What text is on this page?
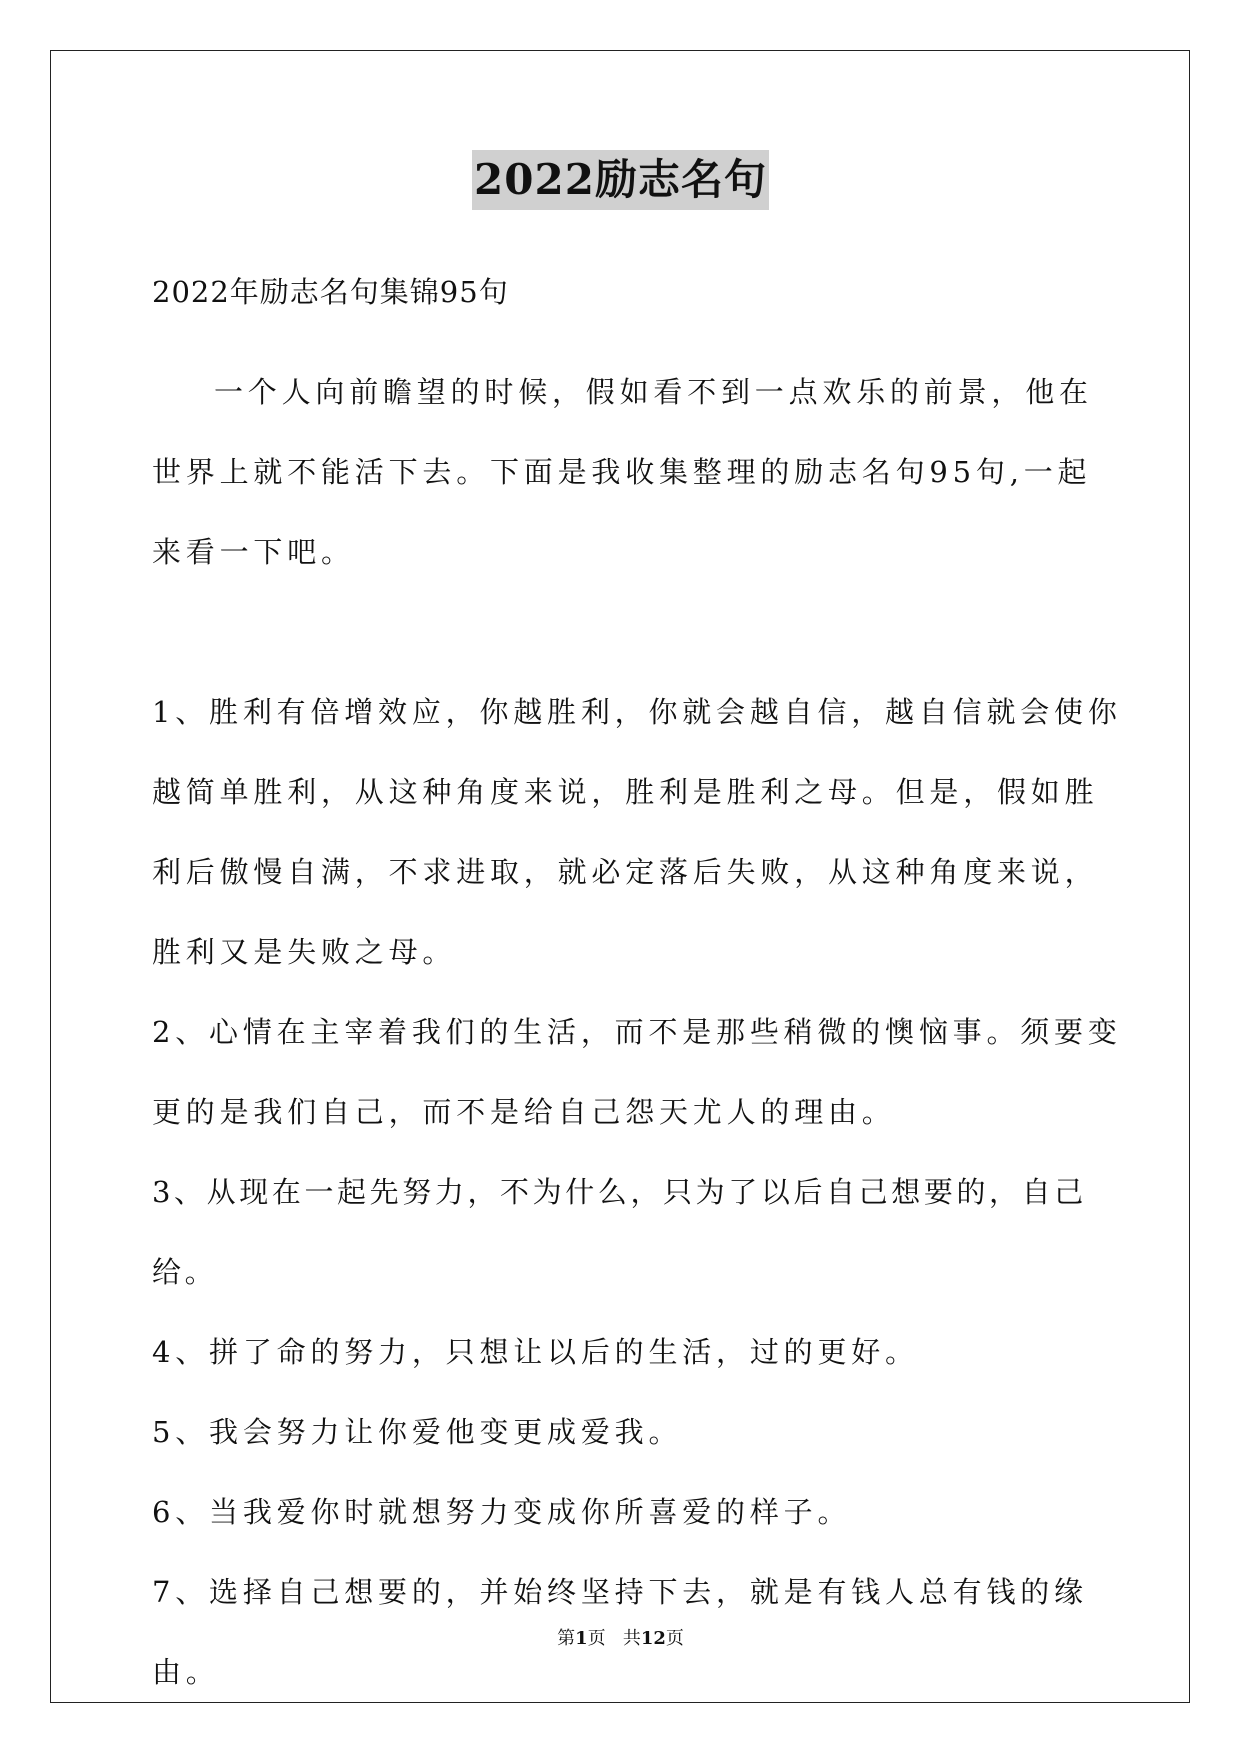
2022励志名句

2022年励志名句集锦95句

一个人向前瞻望的时候，假如看不到一点欢乐的前景，他在世界上就不能活下去。下面是我收集整理的励志名句95句,一起来看一下吧。

1、胜利有倍增效应，你越胜利，你就会越自信，越自信就会使你越简单胜利，从这种角度来说，胜利是胜利之母。但是，假如胜利后傲慢自满，不求进取，就必定落后失败，从这种角度来说，胜利又是失败之母。

2、心情在主宰着我们的生活，而不是那些稍微的懊恼事。须要变更的是我们自己，而不是给自己怨天尤人的理由。

3、从现在一起先努力，不为什么，只为了以后自己想要的，自己给。

4、拼了命的努力，只想让以后的生活，过的更好。

5、我会努力让你爱他变更成爱我。

6、当我爱你时就想努力变成你所喜爱的样子。

7、选择自己想要的，并始终坚持下去，就是有钱人总有钱的缘由。

第1页 共12页
